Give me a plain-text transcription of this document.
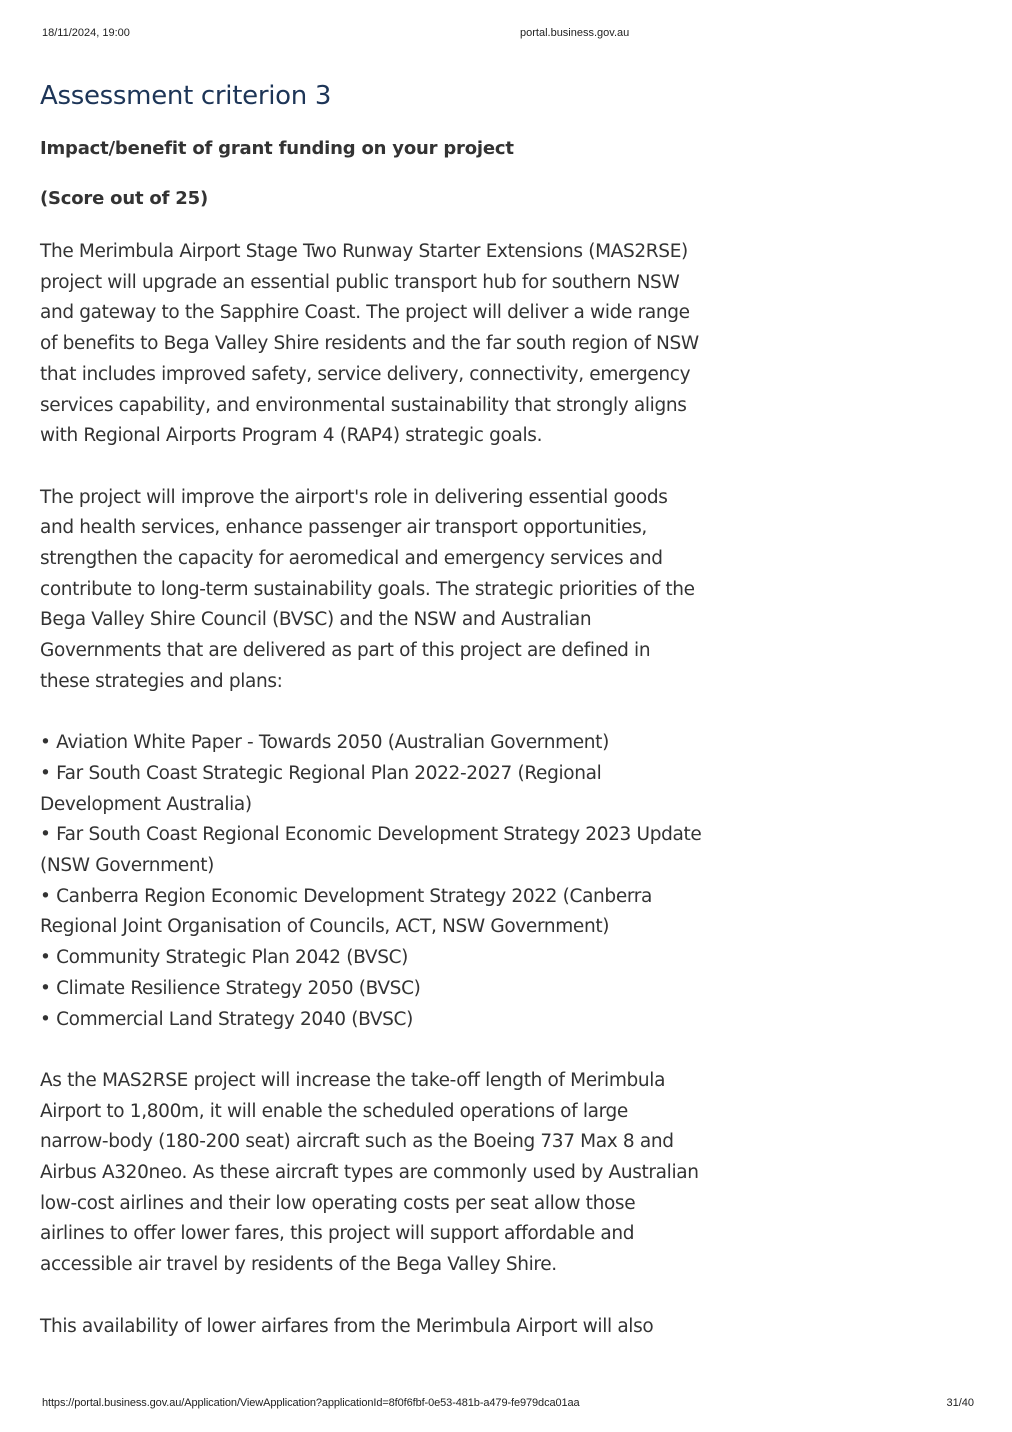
18/11/2024, 19:00	portal.business.gov.au
Assessment criterion 3

Impact/benefit of grant funding on your project

(Score out of 25)

The Merimbula Airport Stage Two Runway Starter Extensions (MAS2RSE)
project will upgrade an essential public transport hub for southern NSW
and gateway to the Sapphire Coast. The project will deliver a wide range
of benefits to Bega Valley Shire residents and the far south region of NSW
that includes improved safety, service delivery, connectivity, emergency
services capability, and environmental sustainability that strongly aligns
with Regional Airports Program 4 (RAP4) strategic goals.

The project will improve the airport's role in delivering essential goods
and health services, enhance passenger air transport opportunities,
strengthen the capacity for aeromedical and emergency services and
contribute to long-term sustainability goals. The strategic priorities of the
Bega Valley Shire Council (BVSC) and the NSW and Australian
Governments that are delivered as part of this project are defined in
these strategies and plans:

• Aviation White Paper - Towards 2050 (Australian Government)
• Far South Coast Strategic Regional Plan 2022-2027 (Regional
Development Australia)
• Far South Coast Regional Economic Development Strategy 2023 Update
(NSW Government)
• Canberra Region Economic Development Strategy 2022 (Canberra
Regional Joint Organisation of Councils, ACT, NSW Government)
• Community Strategic Plan 2042 (BVSC)
• Climate Resilience Strategy 2050 (BVSC)
• Commercial Land Strategy 2040 (BVSC)

As the MAS2RSE project will increase the take-off length of Merimbula
Airport to 1,800m, it will enable the scheduled operations of large
narrow-body (180-200 seat) aircraft such as the Boeing 737 Max 8 and
Airbus A320neo. As these aircraft types are commonly used by Australian
low-cost airlines and their low operating costs per seat allow those
airlines to offer lower fares, this project will support affordable and
accessible air travel by residents of the Bega Valley Shire.

This availability of lower airfares from the Merimbula Airport will also

https://portal.business.gov.au/Application/ViewApplication?applicationId=8f0f6fbf-0e53-481b-a479-fe979dca01aa	31/40
